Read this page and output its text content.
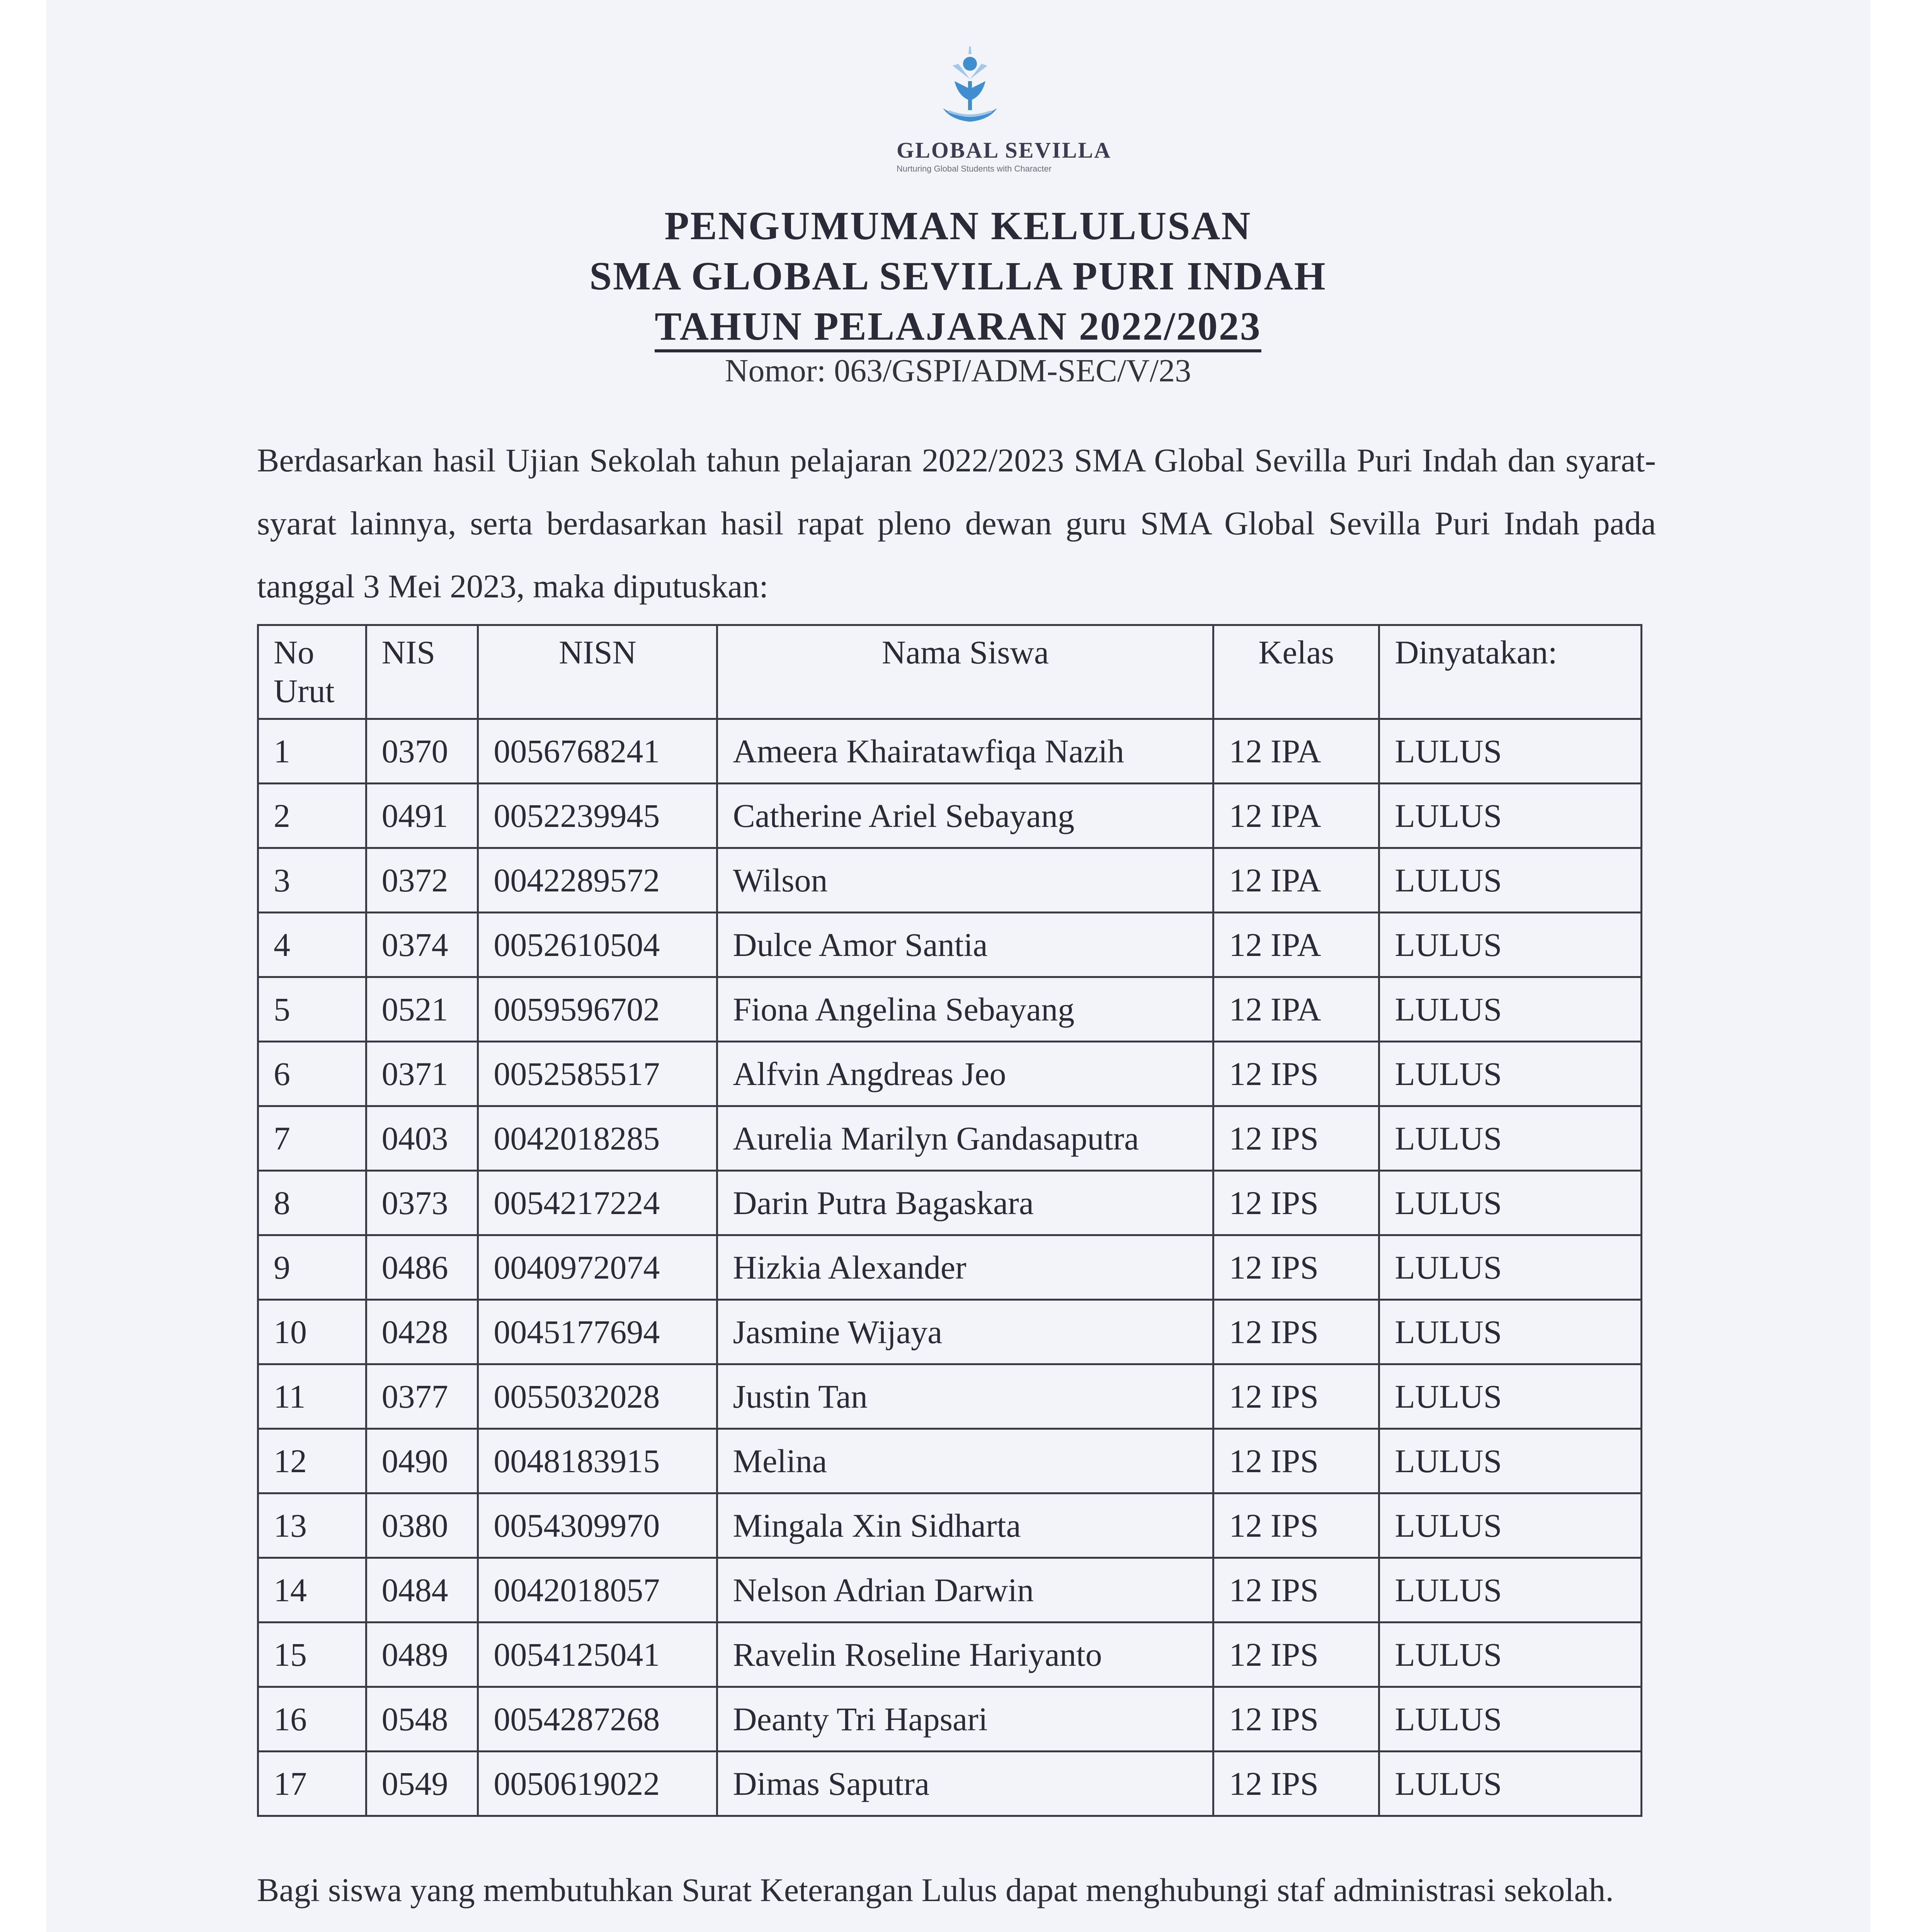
GLOBAL SEVILLA
Nurturing Global Students with Character
PENGUMUMAN KELULUSAN
SMA GLOBAL SEVILLA PURI INDAH
TAHUN PELAJARAN 2022/2023
Nomor: 063/GSPI/ADM-SEC/V/23
Berdasarkan hasil Ujian Sekolah tahun pelajaran 2022/2023 SMA Global Sevilla Puri Indah dan syarat-syarat lainnya, serta berdasarkan hasil rapat pleno dewan guru SMA Global Sevilla Puri Indah pada tanggal 3 Mei 2023, maka diputuskan:
No Urut	NIS	NISN	Nama Siswa	Kelas	Dinyatakan:
1	0370	0056768241	Ameera Khairatawfiqa Nazih	12 IPA	LULUS
2	0491	0052239945	Catherine Ariel Sebayang	12 IPA	LULUS
3	0372	0042289572	Wilson	12 IPA	LULUS
4	0374	0052610504	Dulce Amor Santia	12 IPA	LULUS
5	0521	0059596702	Fiona Angelina Sebayang	12 IPA	LULUS
6	0371	0052585517	Alfvin Angdreas Jeo	12 IPS	LULUS
7	0403	0042018285	Aurelia Marilyn Gandasaputra	12 IPS	LULUS
8	0373	0054217224	Darin Putra Bagaskara	12 IPS	LULUS
9	0486	0040972074	Hizkia Alexander	12 IPS	LULUS
10	0428	0045177694	Jasmine Wijaya	12 IPS	LULUS
11	0377	0055032028	Justin Tan	12 IPS	LULUS
12	0490	0048183915	Melina	12 IPS	LULUS
13	0380	0054309970	Mingala Xin Sidharta	12 IPS	LULUS
14	0484	0042018057	Nelson Adrian Darwin	12 IPS	LULUS
15	0489	0054125041	Ravelin Roseline Hariyanto	12 IPS	LULUS
16	0548	0054287268	Deanty Tri Hapsari	12 IPS	LULUS
17	0549	0050619022	Dimas Saputra	12 IPS	LULUS

Bagi siswa yang membutuhkan Surat Keterangan Lulus dapat menghubungi staf administrasi sekolah.
